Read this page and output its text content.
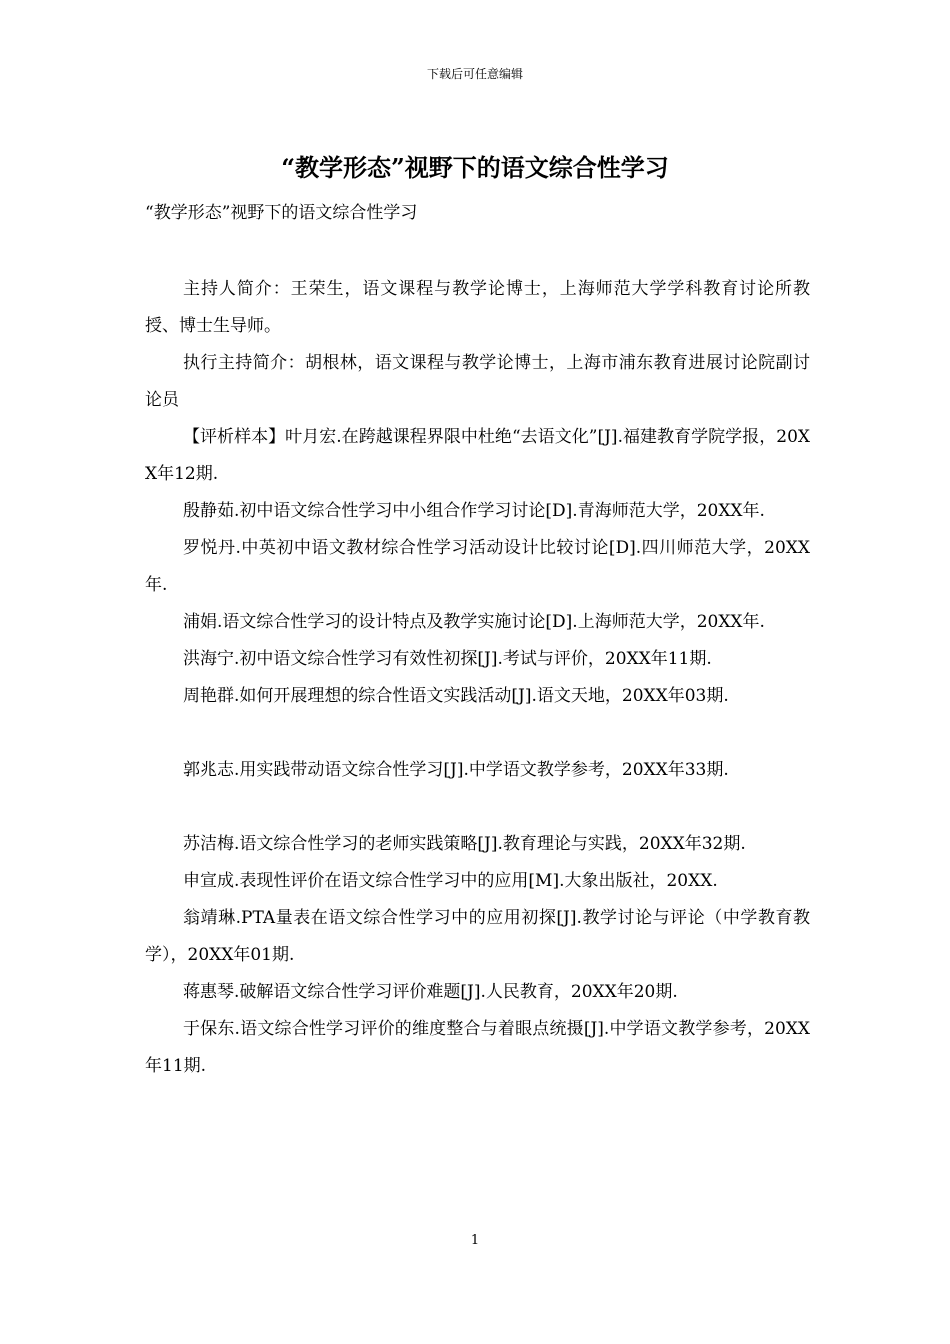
下载后可任意编辑
“教学形态”视野下的语文综合性学习

“教学形态”视野下的语文综合性学习

主持人简介：王荣生，语文课程与教学论博士，上海师范大学学科教育讨论所教授、博士生导师。

执行主持简介：胡根林，语文课程与教学论博士，上海市浦东教育进展讨论院副讨论员

【评析样本】叶月宏.在跨越课程界限中杜绝“去语文化”[J].福建教育学院学报，20XX年12期.

殷静茹.初中语文综合性学习中小组合作学习讨论[D].青海师范大学，20XX年.

罗悦丹.中英初中语文教材综合性学习活动设计比较讨论[D].四川师范大学，20XX年.

浦娟.语文综合性学习的设计特点及教学实施讨论[D].上海师范大学，20XX年.

洪海宁.初中语文综合性学习有效性初探[J].考试与评价，20XX年11期.

周艳群.如何开展理想的综合性语文实践活动[J].语文天地，20XX年03期.

郭兆志.用实践带动语文综合性学习[J].中学语文教学参考，20XX年33期.

苏洁梅.语文综合性学习的老师实践策略[J].教育理论与实践，20XX年32期.

申宣成.表现性评价在语文综合性学习中的应用[M].大象出版社，20XX.

翁靖琳.PTA量表在语文综合性学习中的应用初探[J].教学讨论与评论（中学教育教学），20XX年01期.

蒋惠琴.破解语文综合性学习评价难题[J].人民教育，20XX年20期.

于保东.语文综合性学习评价的维度整合与着眼点统摄[J].中学语文教学参考，20XX年11期.

1
